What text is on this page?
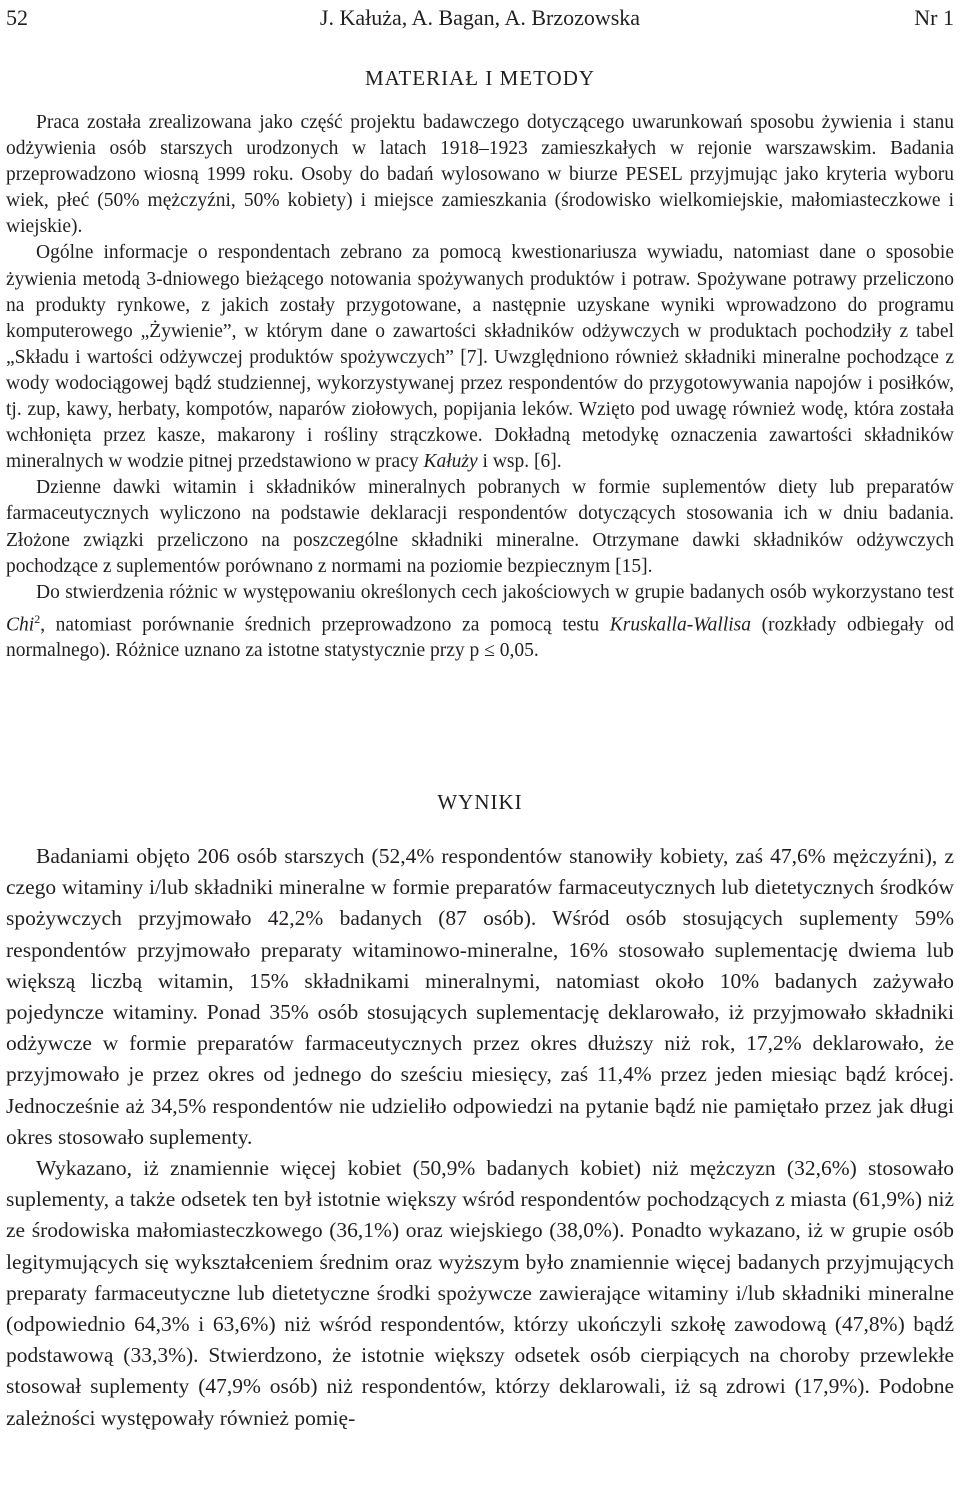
52	J. Kałuża, A. Bagan, A. Brzozowska	Nr 1
MATERIAŁ I METODY

Praca została zrealizowana jako część projektu badawczego dotyczącego uwarunkowań sposobu żywienia i stanu odżywienia osób starszych urodzonych w latach 1918–1923 zamieszkałych w rejonie warszawskim. Badania przeprowadzono wiosną 1999 roku. Osoby do badań wylosowano w biurze PESEL przyjmując jako kryteria wyboru wiek, płeć (50% mężczyźni, 50% kobiety) i miejsce zamieszkania (środowisko wielkomiejskie, małomiasteczkowe i wiejskie).

Ogólne informacje o respondentach zebrano za pomocą kwestionariusza wywiadu, natomiast dane o sposobie żywienia metodą 3-dniowego bieżącego notowania spożywanych produktów i potraw. Spożywane potrawy przeliczono na produkty rynkowe, z jakich zostały przygotowane, a następnie uzyskane wyniki wprowadzono do programu komputerowego „Żywienie”, w którym dane o zawartości składników odżywczych w produktach pochodziły z tabel „Składu i wartości odżywczej produktów spożywczych” [7]. Uwzględniono również składniki mineralne pochodzące z wody wodociągowej bądź studziennej, wykorzystywanej przez respondentów do przygotowywania napojów i posiłków, tj. zup, kawy, herbaty, kompotów, naparów ziołowych, popijania leków. Wzięto pod uwagę również wodę, która została wchłonięta przez kasze, makarony i rośliny strączkowe. Dokładną metodykę oznaczenia zawartości składników mineralnych w wodzie pitnej przedstawiono w pracy Kałuży i wsp. [6].

Dzienne dawki witamin i składników mineralnych pobranych w formie suplementów diety lub preparatów farmaceutycznych wyliczono na podstawie deklaracji respondentów dotyczących stosowania ich w dniu badania. Złożone związki przeliczono na poszczególne składniki mineralne. Otrzymane dawki składników odżywczych pochodzące z suplementów porównano z normami na poziomie bezpiecznym [15].

Do stwierdzenia różnic w występowaniu określonych cech jakościowych w grupie badanych osób wykorzystano test Chi$^2$, natomiast porównanie średnich przeprowadzono za pomocą testu Kruskalla-Wallisa (rozkłady odbiegały od normalnego). Różnice uznano za istotne statystycznie przy p ≤ 0,05.

WYNIKI

Badaniami objęto 206 osób starszych (52,4% respondentów stanowiły kobiety, zaś 47,6% mężczyźni), z czego witaminy i/lub składniki mineralne w formie preparatów farmaceutycznych lub dietetycznych środków spożywczych przyjmowało 42,2% badanych (87 osób). Wśród osób stosujących suplementy 59% respondentów przyjmowało preparaty witaminowo-mineralne, 16% stosowało suplementację dwiema lub większą liczbą witamin, 15% składnikami mineralnymi, natomiast około 10% badanych zażywało pojedyncze witaminy. Ponad 35% osób stosujących suplementację deklarowało, iż przyjmowało składniki odżywcze w formie preparatów farmaceutycznych przez okres dłuższy niż rok, 17,2% deklarowało, że przyjmowało je przez okres od jednego do sześciu miesięcy, zaś 11,4% przez jeden miesiąc bądź krócej. Jednocześnie aż 34,5% respondentów nie udzieliło odpowiedzi na pytanie bądź nie pamiętało przez jak długi okres stosowało suplementy.

Wykazano, iż znamiennie więcej kobiet (50,9% badanych kobiet) niż mężczyzn (32,6%) stosowało suplementy, a także odsetek ten był istotnie większy wśród respondentów pochodzących z miasta (61,9%) niż ze środowiska małomiasteczkowego (36,1%) oraz wiejskiego (38,0%). Ponadto wykazano, iż w grupie osób legitymujących się wykształceniem średnim oraz wyższym było znamiennie więcej badanych przyjmujących preparaty farmaceutyczne lub dietetyczne środki spożywcze zawierające witaminy i/lub składniki mineralne (odpowiednio 64,3% i 63,6%) niż wśród respondentów, którzy ukończyli szkołę zawodową (47,8%) bądź podstawową (33,3%). Stwierdzono, że istotnie większy odsetek osób cierpiących na choroby przewlekłe stosował suplementy (47,9% osób) niż respondentów, którzy deklarowali, iż są zdrowi (17,9%). Podobne zależności występowały również pomię-
